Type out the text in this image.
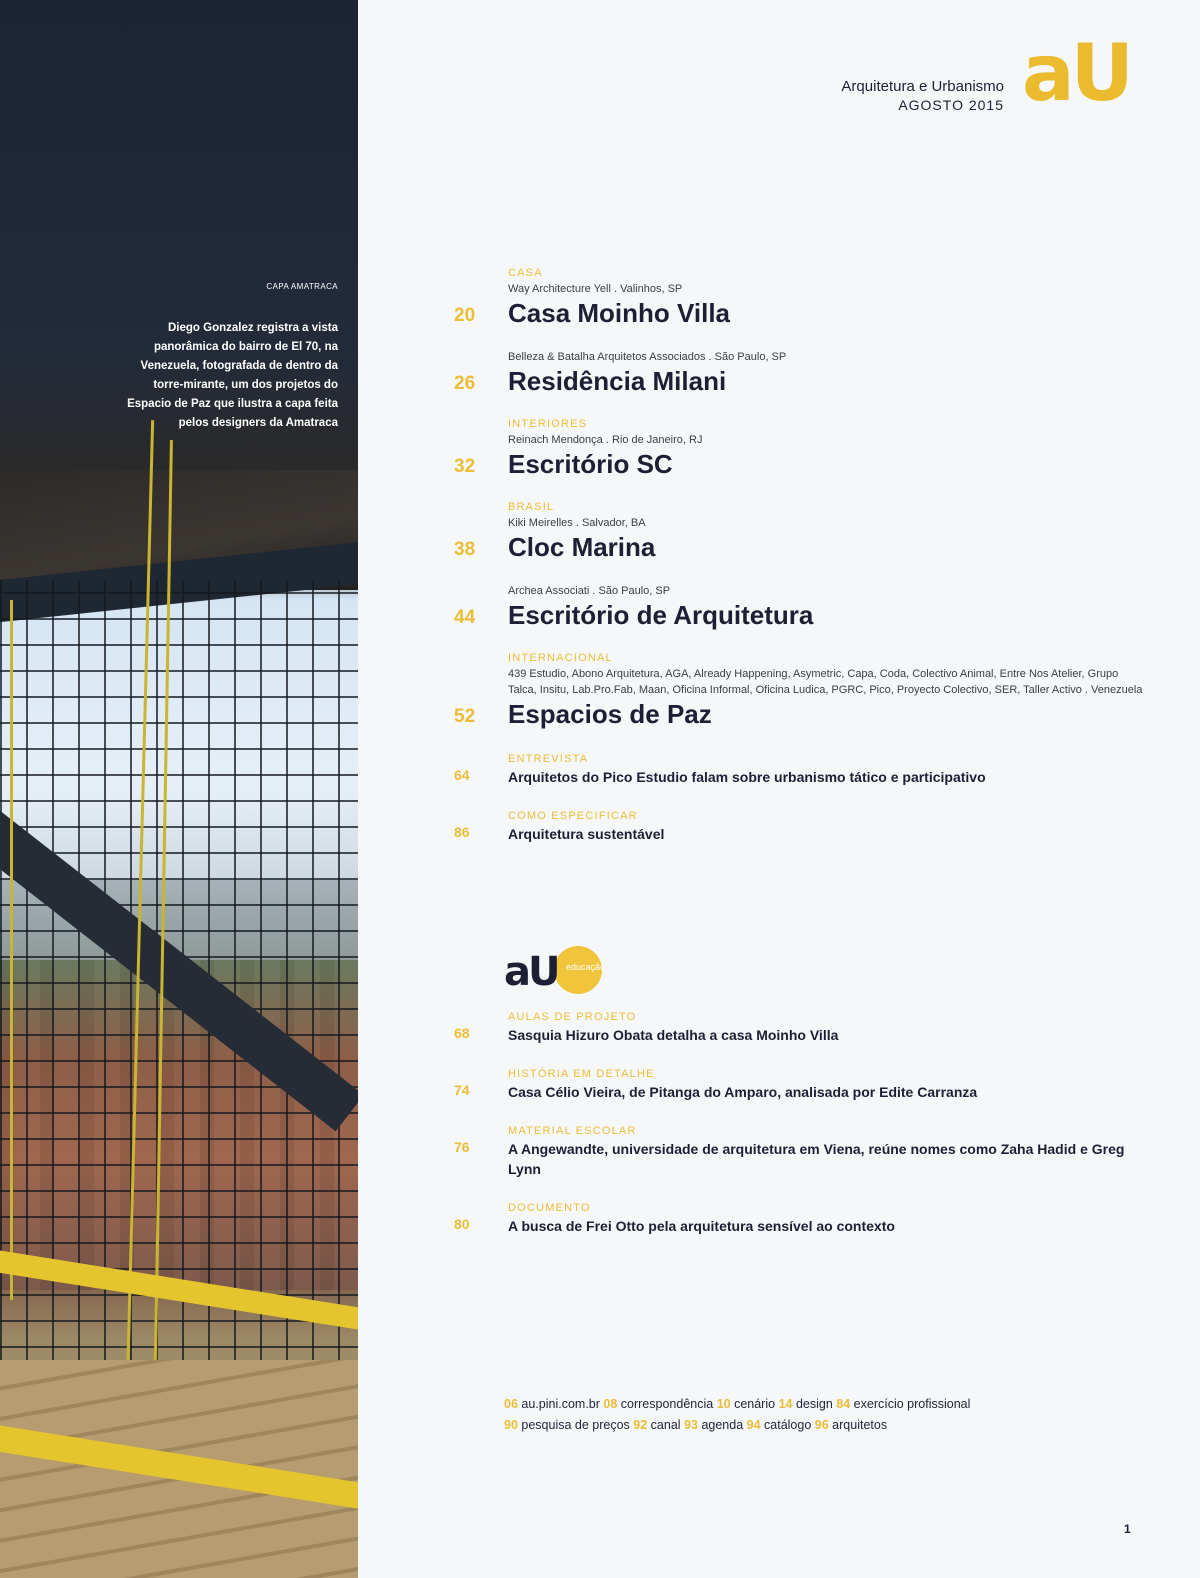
CAPA AMATRACA
Diego Gonzalez registra a vista panorâmica do bairro de El 70, na Venezuela, fotografada de dentro da torre-mirante, um dos projetos do Espacio de Paz que ilustra a capa feita pelos designers da Amatraca
Arquitetura e Urbanismo
AGOSTO 2015 aU
CASA
Way Architecture Yell . Valinhos, SP
Casa Moinho Villa
20
Belleza & Batalha Arquitetos Associados . São Paulo, SP
Residência Milani
26
INTERIORES
Reinach Mendonça . Rio de Janeiro, RJ
Escritório SC
32
BRASIL
Kiki Meirelles . Salvador, BA
Cloc Marina
38
Archea Associati . São Paulo, SP
Escritório de Arquitetura
44
INTERNACIONAL
439 Estudio, Abono Arquitetura, AGA, Already Happening, Asymetric, Capa, Coda, Colectivo Animal, Entre Nos Atelier, Grupo Talca, Insitu, Lab.Pro.Fab, Maan, Oficina Informal, Oficina Ludica, PGRC, Pico, Proyecto Colectivo, SER, Taller Activo . Venezuela
Espacios de Paz
52
ENTREVISTA
Arquitetos do Pico Estudio falam sobre urbanismo tático e participativo
64
COMO ESPECIFICAR
Arquitetura sustentável
86
educação
aU
AULAS DE PROJETO
Sasquia Hizuro Obata detalha a casa Moinho Villa
68
HISTÓRIA EM DETALHE
Casa Célio Vieira, de Pitanga do Amparo, analisada por Edite Carranza
74
MATERIAL ESCOLAR
A Angewandte, universidade de arquitetura em Viena, reúne nomes como Zaha Hadid e Greg Lynn
76
DOCUMENTO
A busca de Frei Otto pela arquitetura sensível ao contexto
80
06 au.pini.com.br 08 correspondência 10 cenário 14 design 84 exercício profissional
90 pesquisa de preços 92 canal 93 agenda 94 catálogo 96 arquitetos
1
